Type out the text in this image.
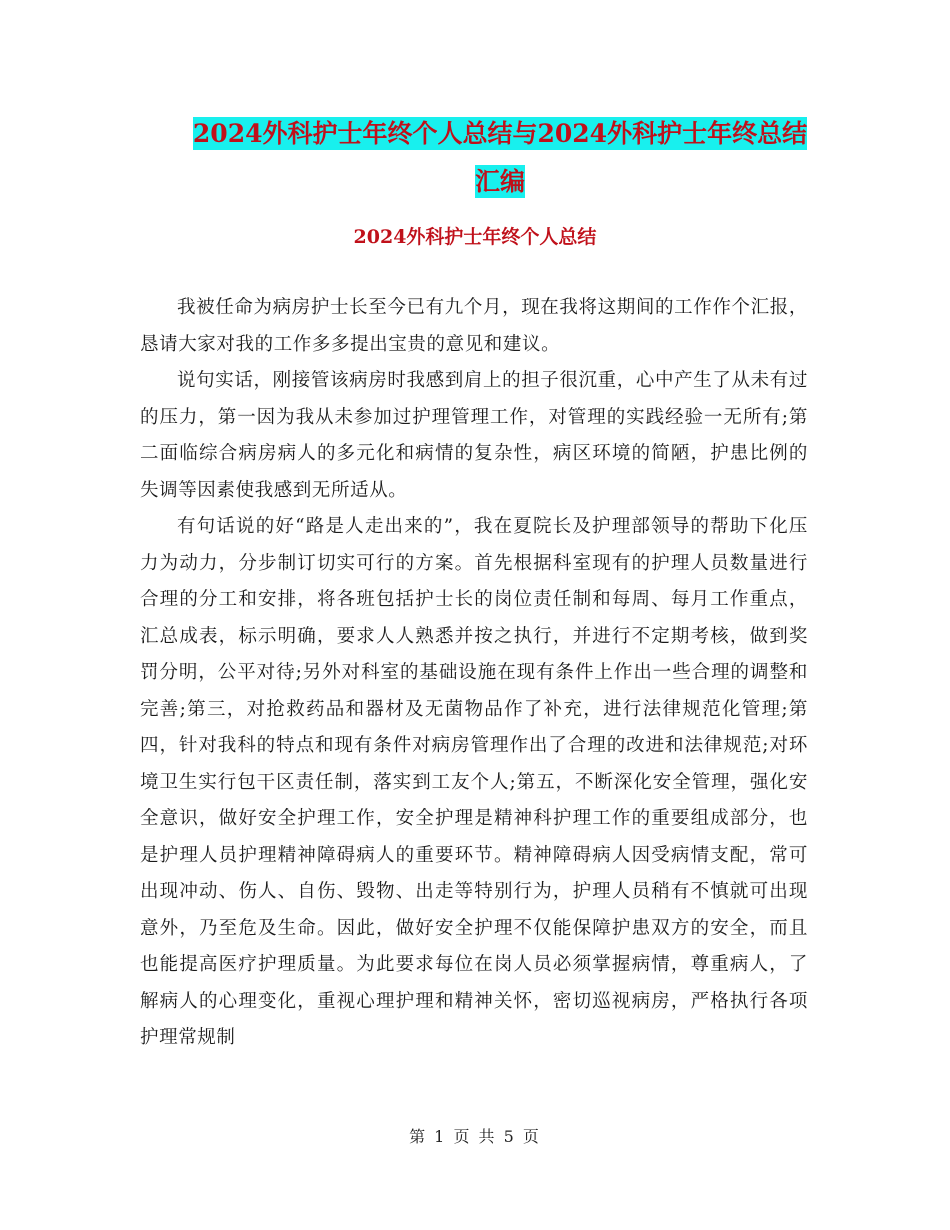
2024外科护士年终个人总结与2024外科护士年终总结
汇编
2024外科护士年终个人总结

我被任命为病房护士长至今已有九个月，现在我将这期间的工作作个汇报，恳请大家对我的工作多多提出宝贵的意见和建议。

说句实话，刚接管该病房时我感到肩上的担子很沉重，心中产生了从未有过的压力，第一因为我从未参加过护理管理工作，对管理的实践经验一无所有;第二面临综合病房病人的多元化和病情的复杂性，病区环境的简陋，护患比例的失调等因素使我感到无所适从。

有句话说的好“路是人走出来的”，我在夏院长及护理部领导的帮助下化压力为动力，分步制订切实可行的方案。首先根据科室现有的护理人员数量进行合理的分工和安排，将各班包括护士长的岗位责任制和每周、每月工作重点，汇总成表，标示明确，要求人人熟悉并按之执行，并进行不定期考核，做到奖罚分明，公平对待;另外对科室的基础设施在现有条件上作出一些合理的调整和完善;第三，对抢救药品和器材及无菌物品作了补充，进行法律规范化管理;第四，针对我科的特点和现有条件对病房管理作出了合理的改进和法律规范;对环境卫生实行包干区责任制，落实到工友个人;第五，不断深化安全管理，强化安全意识，做好安全护理工作，安全护理是精神科护理工作的重要组成部分，也是护理人员护理精神障碍病人的重要环节。精神障碍病人因受病情支配，常可出现冲动、伤人、自伤、毁物、出走等特别行为，护理人员稍有不慎就可出现意外，乃至危及生命。因此，做好安全护理不仅能保障护患双方的安全，而且也能提高医疗护理质量。为此要求每位在岗人员必须掌握病情，尊重病人，了解病人的心理变化，重视心理护理和精神关怀，密切巡视病房，严格执行各项护理常规制

第 1 页 共 5 页
